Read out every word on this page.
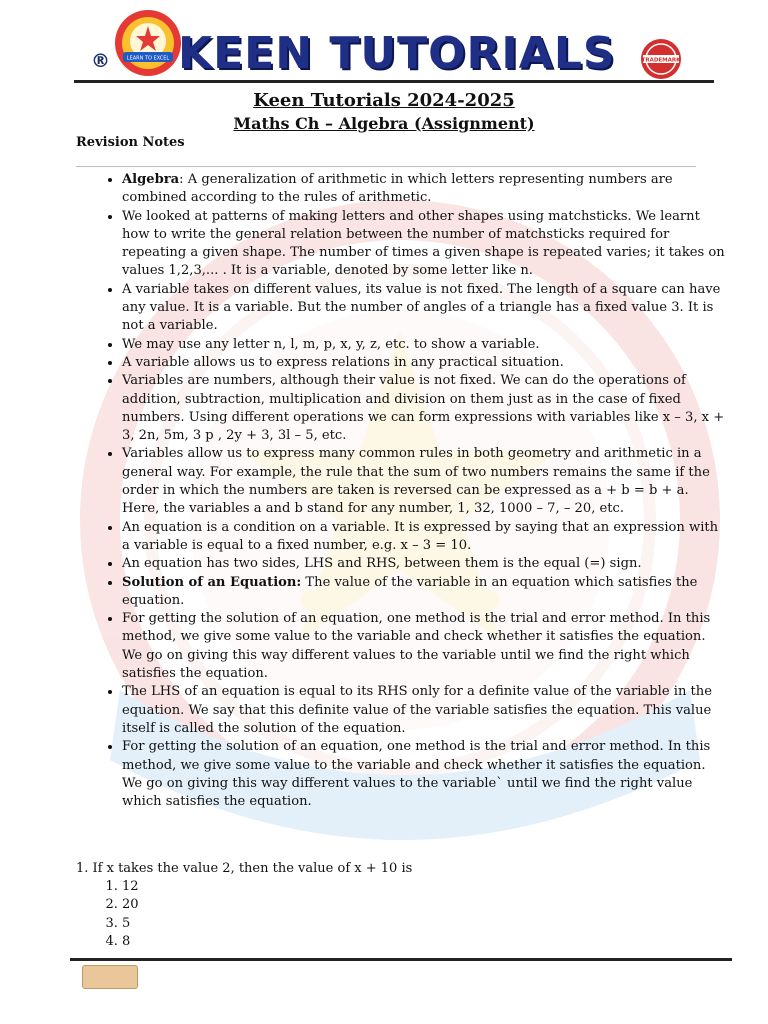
LEARN TO EXCEL
® KEEN TUTORIALS	TRADEMARK

Keen Tutorials 2024-2025

Maths Ch – Algebra (Assignment)

Revision Notes
• Algebra: A generalization of arithmetic in which letters representing numbers are combined according to the rules of arithmetic.
• We looked at patterns of making letters and other shapes using matchsticks. We learnt how to write the general relation between the number of matchsticks required for repeating a given shape. The number of times a given shape is repeated varies; it takes on values 1,2,3,... . It is a variable, denoted by some letter like n.
• A variable takes on different values, its value is not fixed. The length of a square can have any value. It is a variable. But the number of angles of a triangle has a fixed value 3. It is not a variable.
• We may use any letter n, l, m, p, x, y, z, etc. to show a variable.
• A variable allows us to express relations in any practical situation.
• Variables are numbers, although their value is not fixed. We can do the operations of addition, subtraction, multiplication and division on them just as in the case of fixed numbers. Using different operations we can form expressions with variables like x – 3, x + 3, 2n, 5m, 3 p , 2y + 3, 3l – 5, etc.
• Variables allow us to express many common rules in both geometry and arithmetic in a general way. For example, the rule that the sum of two numbers remains the same if the order in which the numbers are taken is reversed can be expressed as a + b = b + a. Here, the variables a and b stand for any number, 1, 32, 1000 – 7, – 20, etc.
• An equation is a condition on a variable. It is expressed by saying that an expression with a variable is equal to a fixed number, e.g. x – 3 = 10.
• An equation has two sides, LHS and RHS, between them is the equal (=) sign.
• Solution of an Equation: The value of the variable in an equation which satisfies the equation.
• For getting the solution of an equation, one method is the trial and error method. In this method, we give some value to the variable and check whether it satisfies the equation. We go on giving this way different values to the variable until we find the right which satisfies the equation.
• The LHS of an equation is equal to its RHS only for a definite value of the variable in the equation. We say that this definite value of the variable satisfies the equation. This value itself is called the solution of the equation.
• For getting the solution of an equation, one method is the trial and error method. In this method, we give some value to the variable and check whether it satisfies the equation. We go on giving this way different values to the variable` until we find the right value which satisfies the equation.
1. If x takes the value 2, then the value of x + 10 is
1. 12
2. 20
3. 5
4. 8
